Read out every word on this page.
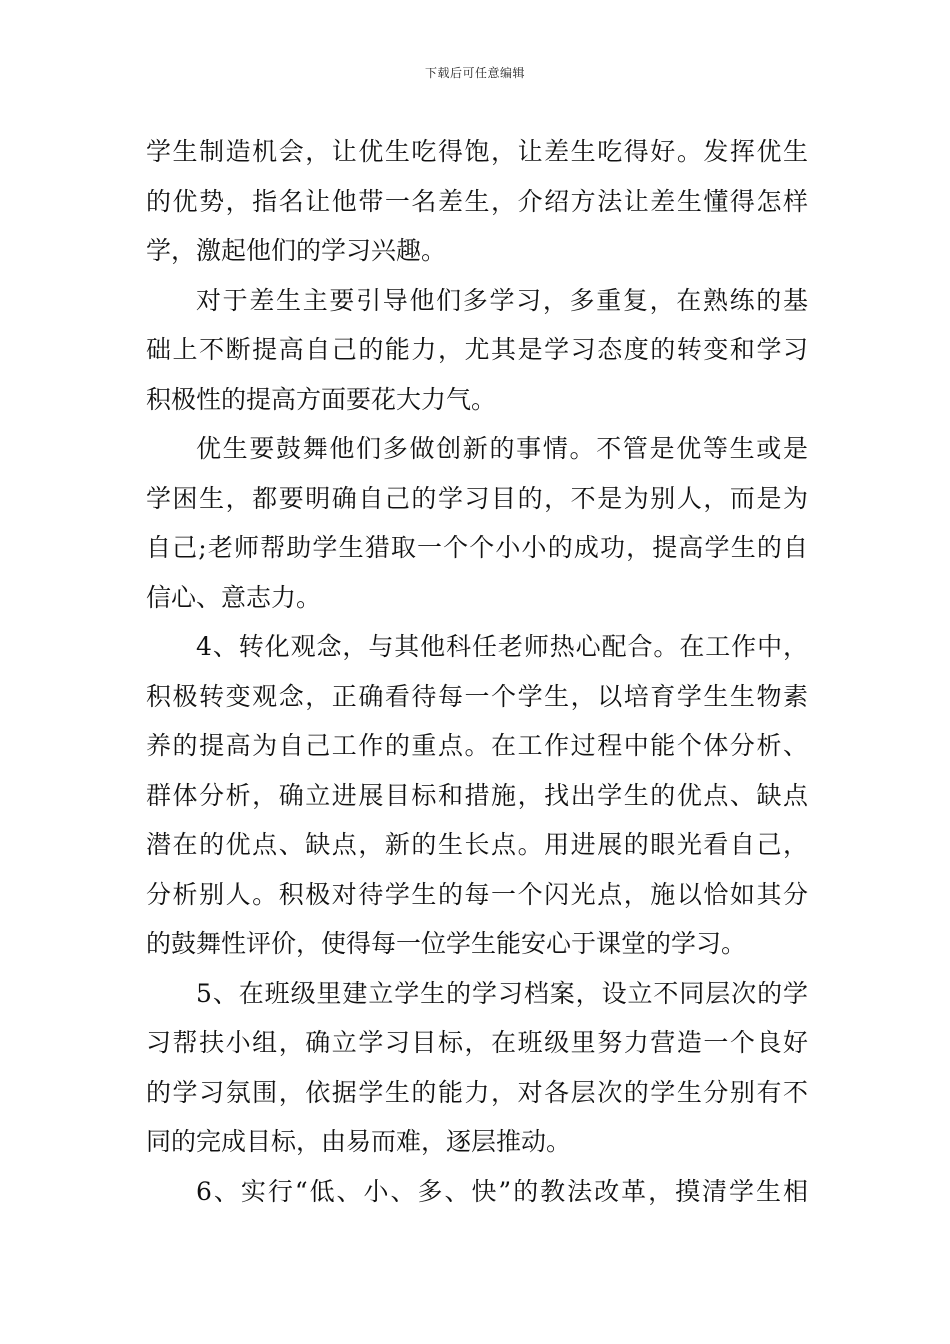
下载后可任意编辑
学生制造机会，让优生吃得饱，让差生吃得好。发挥优生
的优势，指名让他带一名差生，介绍方法让差生懂得怎样
学，激起他们的学习兴趣。
对于差生主要引导他们多学习，多重复，在熟练的基
础上不断提高自己的能力，尤其是学习态度的转变和学习
积极性的提高方面要花大力气。
优生要鼓舞他们多做创新的事情。不管是优等生或是
学困生，都要明确自己的学习目的，不是为别人，而是为
自己;老师帮助学生猎取一个个小小的成功，提高学生的自
信心、意志力。
4、转化观念，与其他科任老师热心配合。在工作中，
积极转变观念，正确看待每一个学生，以培育学生生物素
养的提高为自己工作的重点。在工作过程中能个体分析、
群体分析，确立进展目标和措施，找出学生的优点、缺点
潜在的优点、缺点，新的生长点。用进展的眼光看自己，
分析别人。积极对待学生的每一个闪光点，施以恰如其分
的鼓舞性评价，使得每一位学生能安心于课堂的学习。
5、在班级里建立学生的学习档案，设立不同层次的学
习帮扶小组，确立学习目标，在班级里努力营造一个良好
的学习氛围，依据学生的能力，对各层次的学生分别有不
同的完成目标，由易而难，逐层推动。
6、实行“低、小、多、快”的教法改革，摸清学生相
